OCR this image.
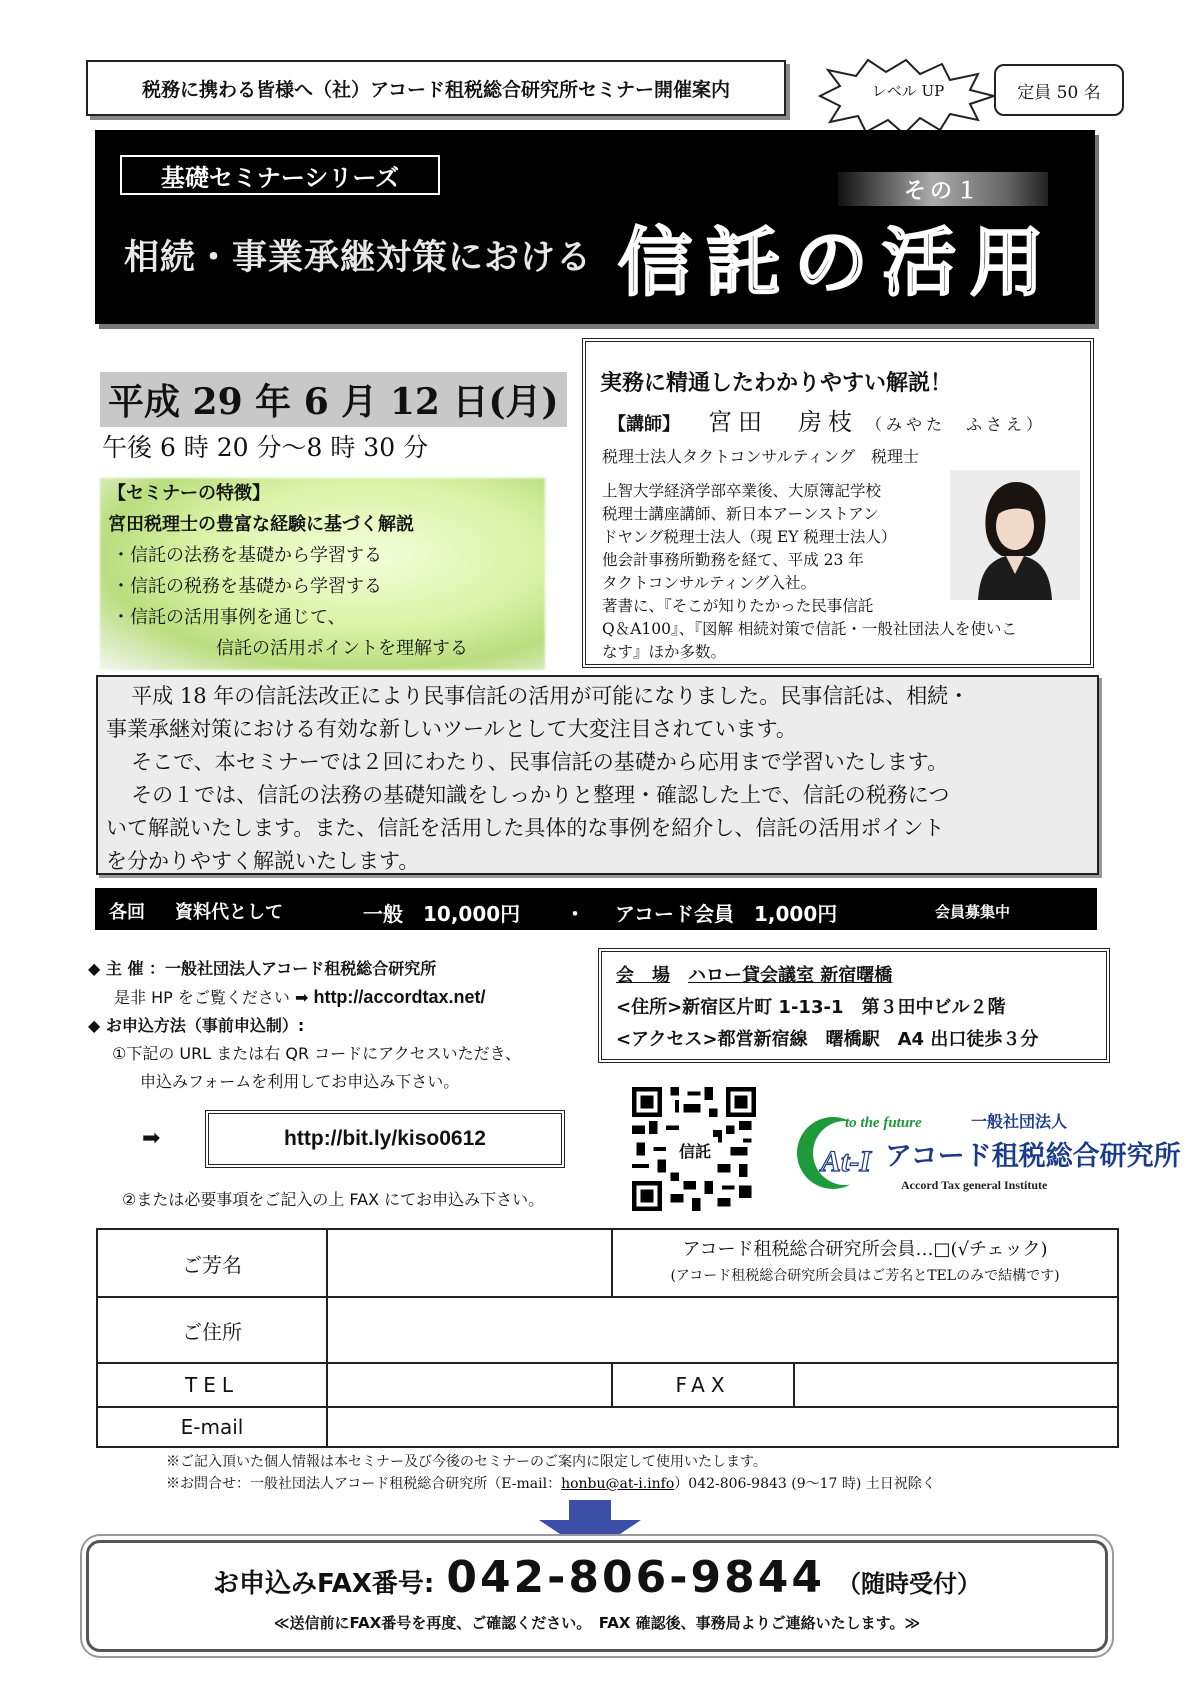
税務に携わる皆様へ（社）アコード租税総合研究所セミナー開催案内	レベル UP	定員 50 名
基礎セミナーシリーズ	その１
相続・事業承継対策における 信託の活用
平成 29 年 6 月 12 日(月)
午後 6 時 20 分〜8 時 30 分
【セミナーの特徴】
宮田税理士の豊富な経験に基づく解説
・信託の法務を基礎から学習する
・信託の税務を基礎から学習する
・信託の活用事例を通じて、
信託の活用ポイントを理解する
実務に精通したわかりやすい解説！
【講師】 宮田　房枝 （みやた　ふさえ）
税理士法人タクトコンサルティング　税理士
上智大学経済学部卒業後、大原簿記学校
税理士講座講師、新日本アーンストアン
ドヤング税理士法人（現 EY 税理士法人）
他会計事務所勤務を経て、平成 23 年
タクトコンサルティング入社。
著書に、『そこが知りたかった民事信託
Q＆A100』、『図解 相続対策で信託・一般社団法人を使いこ
なす』ほか多数。

平成 18 年の信託法改正により民事信託の活用が可能になりました。民事信託は、相続・

事業承継対策における有効な新しいツールとして大変注目されています。

そこで、本セミナーでは２回にわたり、民事信託の基礎から応用まで学習いたします。

その１では、信託の法務の基礎知識をしっかりと整理・確認した上で、信託の税務につ

いて解説いたします。また、信託を活用した具体的な事例を紹介し、信託の活用ポイント

を分かりやすく解説いたします。

各回 資料代として	一般　10,000円 ・ アコード会員　1,000円	会員募集中
◆ 主 催 ：一般社団法人アコード租税総合研究所
是非 HP をご覧ください ➡ http://accordtax.net/
◆ お申込方法（事前申込制）:
①下記の URL または右 QR コードにアクセスいただき、
申込みフォームを利用してお申込み下さい。
会　場　 ハロー貸会議室 新宿曙橋
<住所>新宿区片町 1-13-1　第３田中ビル２階
<アクセス>都営新宿線　曙橋駅　A4 出口徒歩３分
➡	http://bit.ly/kiso0612
②または必要事項をご記入の上 FAX にてお申込み下さい。
信託
to the future	一般社団法人
At-I アコード租税総合研究所
Accord Tax general Institute
ご芳名		アコード租税総合研究所会員…□(√チェック)
(アコード租税総合研究所会員はご芳名とTELのみで結構です)	

ご住所			
TEL		FAX	
E-mail			
※ご記入頂いた個人情報は本セミナー及び今後のセミナーのご案内に限定して使用いたします。
※お問合せ：一般社団法人アコード租税総合研究所（E-mail：honbu@at-i.info）042-806-9843 (9〜17 時) 土日祝除く
お申込みFAX番号: 042-806-9844 （随時受付）
≪送信前にFAX番号を再度、ご確認ください。　FAX 確認後、事務局よりご連絡いたします。≫
